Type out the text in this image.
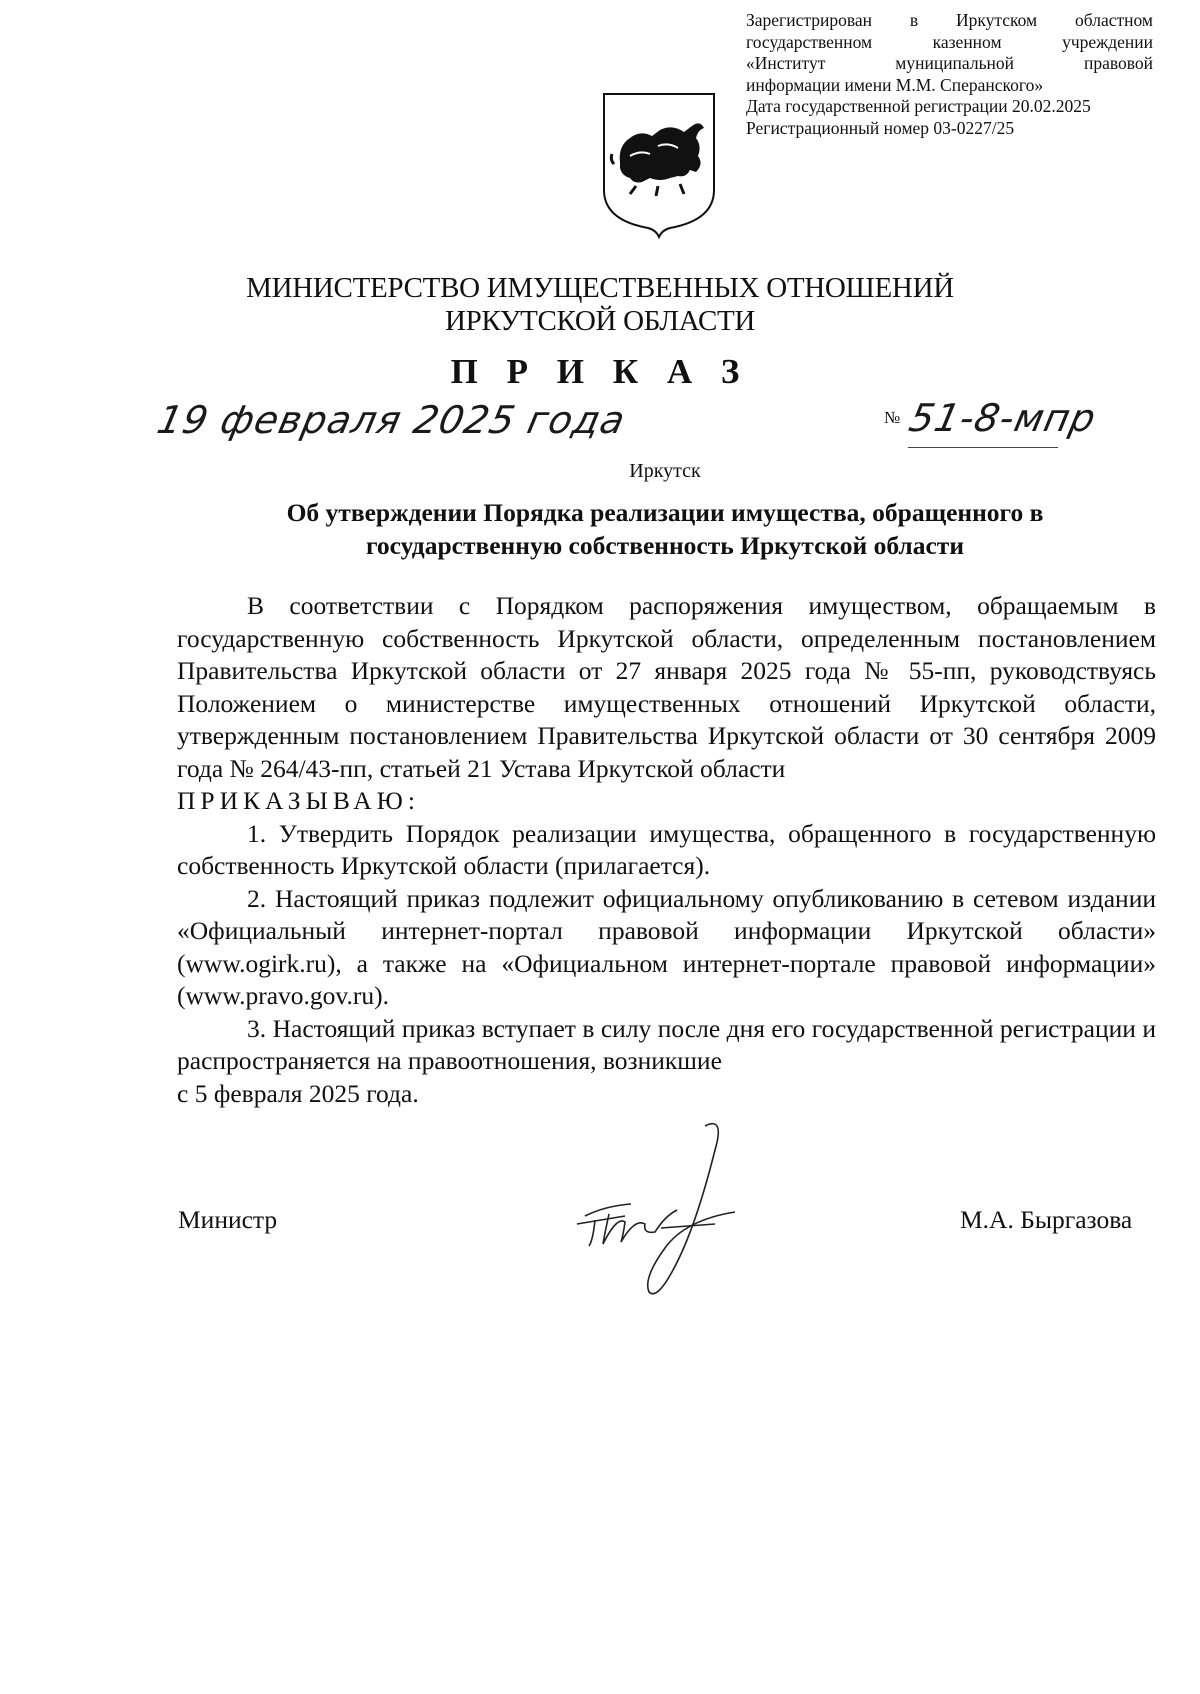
Зарегистрирован в Иркутском областном
государственном казенном учреждении
«Институт муниципальной правовой
информации имени М.М. Сперанского»
Дата государственной регистрации 20.02.2025
Регистрационный номер 03-0227/25
МИНИСТЕРСТВО ИМУЩЕСТВЕННЫХ ОТНОШЕНИЙ
ИРКУТСКОЙ ОБЛАСТИ
П Р И К А З
19 февраля 2025 года	№ 51-8-мпр
Иркутск
Об утверждении Порядка реализации имущества, обращенного в
государственную собственность Иркутской области

В соответствии с Порядком распоряжения имуществом, обращаемым в государственную собственность Иркутской области, определенным постановлением Правительства Иркутской области от 27 января 2025 года № 55-пп, руководствуясь Положением о министерстве имущественных отношений Иркутской области, утвержденным постановлением Правительства Иркутской области от 30 сентября 2009 года № 264/43-пп, статьей 21 Устава Иркутской области

ПРИКАЗЫВАЮ:

1. Утвердить Порядок реализации имущества, обращенного в государственную собственность Иркутской области (прилагается).

2. Настоящий приказ подлежит официальному опубликованию в сетевом издании «Официальный интернет-портал правовой информации Иркутской области» (www.ogirk.ru), а также на «Официальном интернет-портале правовой информации» (www.pravo.gov.ru).

3. Настоящий приказ вступает в силу после дня его государственной регистрации и распространяется на правоотношения, возникшие

с 5 февраля 2025 года.

Министр	М.А. Быргазова
